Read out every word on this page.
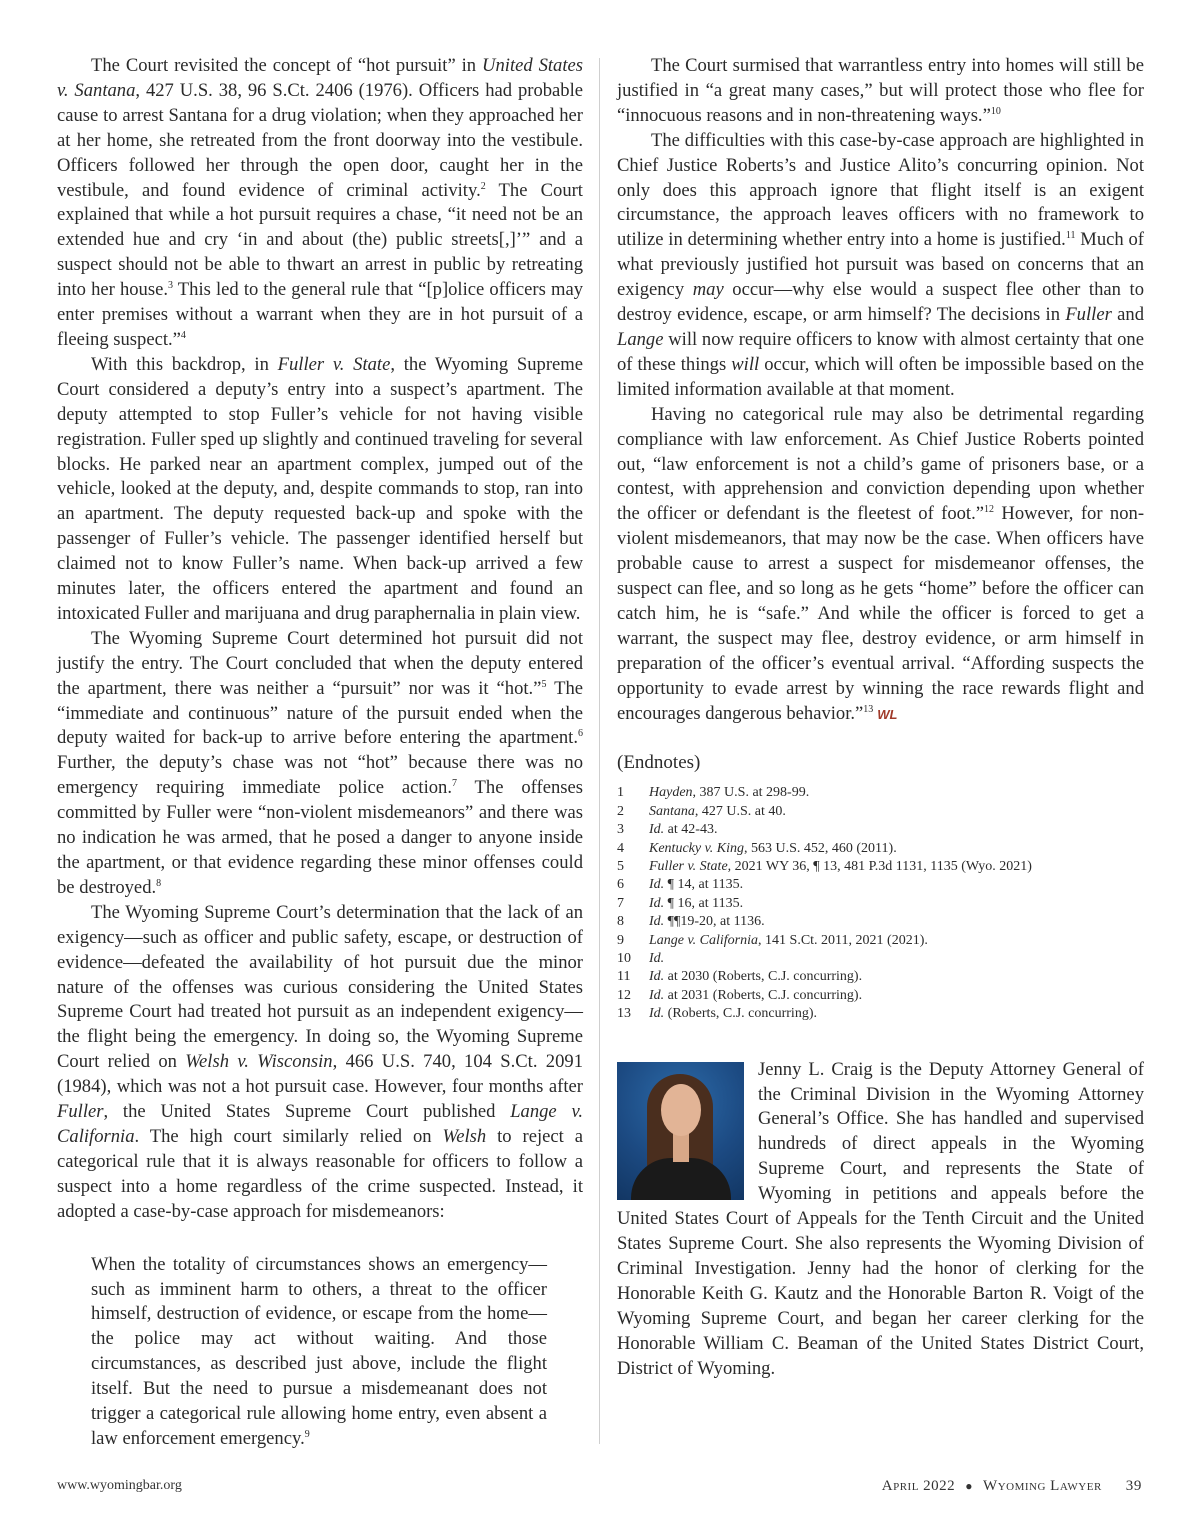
The Court revisited the concept of “hot pursuit” in United States v. Santana, 427 U.S. 38, 96 S.Ct. 2406 (1976). Officers had probable cause to arrest Santana for a drug violation; when they approached her at her home, she retreated from the front doorway into the vestibule. Officers followed her through the open door, caught her in the vestibule, and found evidence of criminal activity.$^2$ The Court explained that while a hot pursuit requires a chase, “it need not be an extended hue and cry ‘in and about (the) public streets[,]’” and a suspect should not be able to thwart an arrest in public by retreating into her house.$^3$ This led to the general rule that “[p]olice officers may enter premises without a warrant when they are in hot pursuit of a fleeing suspect.”$^4$

With this backdrop, in Fuller v. State, the Wyoming Supreme Court considered a deputy’s entry into a suspect’s apartment. The deputy attempted to stop Fuller’s vehicle for not having visible registration. Fuller sped up slightly and continued traveling for several blocks. He parked near an apartment complex, jumped out of the vehicle, looked at the deputy, and, despite commands to stop, ran into an apartment. The deputy requested back-up and spoke with the passenger of Fuller’s vehicle. The passenger identified herself but claimed not to know Fuller’s name. When back-up arrived a few minutes later, the officers entered the apartment and found an intoxicated Fuller and marijuana and drug paraphernalia in plain view.

The Wyoming Supreme Court determined hot pursuit did not justify the entry. The Court concluded that when the deputy entered the apartment, there was neither a “pursuit” nor was it “hot.”$^5$ The “immediate and continuous” nature of the pursuit ended when the deputy waited for back-up to arrive before entering the apartment.$^6$ Further, the deputy’s chase was not “hot” because there was no emergency requiring immediate police action.$^7$ The offenses committed by Fuller were “non-violent misdemeanors” and there was no indication he was armed, that he posed a danger to anyone inside the apartment, or that evidence regarding these minor offenses could be destroyed.$^8$

The Wyoming Supreme Court’s determination that the lack of an exigency—such as officer and public safety, escape, or destruction of evidence—defeated the availability of hot pursuit due the minor nature of the offenses was curious considering the United States Supreme Court had treated hot pursuit as an independent exigency—the flight being the emergency. In doing so, the Wyoming Supreme Court relied on Welsh v. Wisconsin, 466 U.S. 740, 104 S.Ct. 2091 (1984), which was not a hot pursuit case. However, four months after Fuller, the United States Supreme Court published Lange v. California. The high court similarly relied on Welsh to reject a categorical rule that it is always reasonable for officers to follow a suspect into a home regardless of the crime suspected. Instead, it adopted a case-by-case approach for misdemeanors:

When the totality of circumstances shows an emergency—such as imminent harm to others, a threat to the officer himself, destruction of evidence, or escape from the home—the police may act without waiting. And those circumstances, as described just above, include the flight itself. But the need to pursue a misdemeanant does not trigger a categorical rule allowing home entry, even absent a law enforcement emergency.$^9$

The Court surmised that warrantless entry into homes will still be justified in “a great many cases,” but will protect those who flee for “innocuous reasons and in non-threatening ways.”$^{10}$

The difficulties with this case-by-case approach are highlighted in Chief Justice Roberts’s and Justice Alito’s concurring opinion. Not only does this approach ignore that flight itself is an exigent circumstance, the approach leaves officers with no framework to utilize in determining whether entry into a home is justified.$^{11}$ Much of what previously justified hot pursuit was based on concerns that an exigency may occur—why else would a suspect flee other than to destroy evidence, escape, or arm himself? The decisions in Fuller and Lange will now require officers to know with almost certainty that one of these things will occur, which will often be impossible based on the limited information available at that moment.

Having no categorical rule may also be detrimental regarding compliance with law enforcement. As Chief Justice Roberts pointed out, “law enforcement is not a child’s game of prisoners base, or a contest, with apprehension and conviction depending upon whether the officer or defendant is the fleetest of foot.”$^{12}$ However, for non-violent misdemeanors, that may now be the case. When officers have probable cause to arrest a suspect for misdemeanor offenses, the suspect can flee, and so long as he gets “home” before the officer can catch him, he is “safe.” And while the officer is forced to get a warrant, the suspect may flee, destroy evidence, or arm himself in preparation of the officer’s eventual arrival. “Affording suspects the opportunity to evade arrest by winning the race rewards flight and encourages dangerous behavior.”$^{13}$ WL

(Endnotes)
1	Hayden, 387 U.S. at 298-99.
2	Santana, 427 U.S. at 40.
3	Id. at 42-43.
4	Kentucky v. King, 563 U.S. 452, 460 (2011).
5	Fuller v. State, 2021 WY 36, ¶ 13, 481 P.3d 1131, 1135 (Wyo. 2021)
6	Id. ¶ 14, at 1135.
7	Id. ¶ 16, at 1135.
8	Id. ¶¶19-20, at 1136.
9	Lange v. California, 141 S.Ct. 2011, 2021 (2021).
10	Id.
11	Id. at 2030 (Roberts, C.J. concurring).
12	Id. at 2031 (Roberts, C.J. concurring).
13	Id. (Roberts, C.J. concurring).

Jenny L. Craig is the Deputy Attorney General of the Criminal Division in the Wyoming Attorney General’s Office. She has handled and supervised hundreds of direct appeals in the Wyoming Supreme Court, and represents the State of Wyoming in petitions and appeals before the United States Court of Appeals for the Tenth Circuit and the United States Supreme Court. She also represents the Wyoming Division of Criminal Investigation. Jenny had the honor of clerking for the Honorable Keith G. Kautz and the Honorable Barton R. Voigt of the Wyoming Supreme Court, and began her career clerking for the Honorable William C. Beaman of the United States District Court, District of Wyoming.

www.wyomingbar.org	April 2022 ● Wyoming Lawyer 39
